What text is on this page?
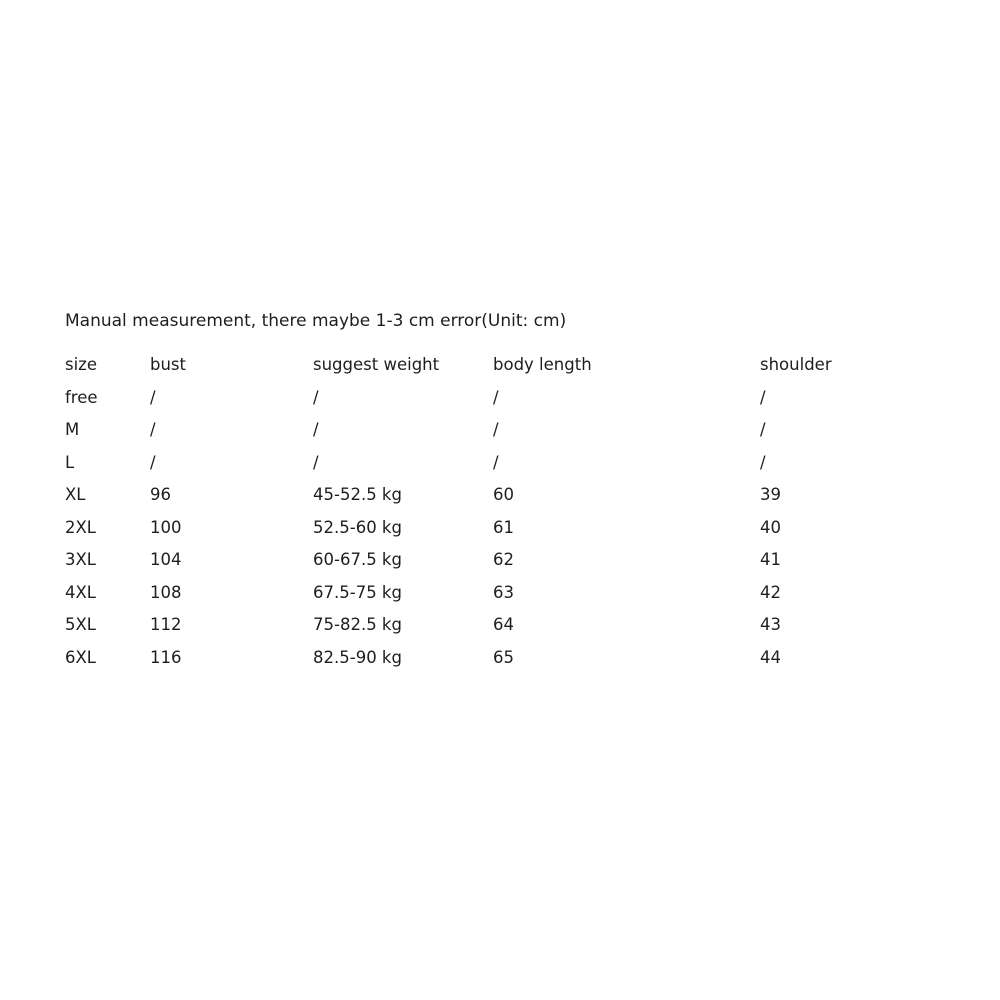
Manual measurement, there maybe 1-3 cm error(Unit: cm)
size	bust	suggest weight	body length	shoulder
free	/	/	/	/
M	/	/	/	/
L	/	/	/	/
XL	96	45-52.5 kg	60	39
2XL	100	52.5-60 kg	61	40
3XL	104	60-67.5 kg	62	41
4XL	108	67.5-75 kg	63	42
5XL	112	75-82.5 kg	64	43
6XL	116	82.5-90 kg	65	44
